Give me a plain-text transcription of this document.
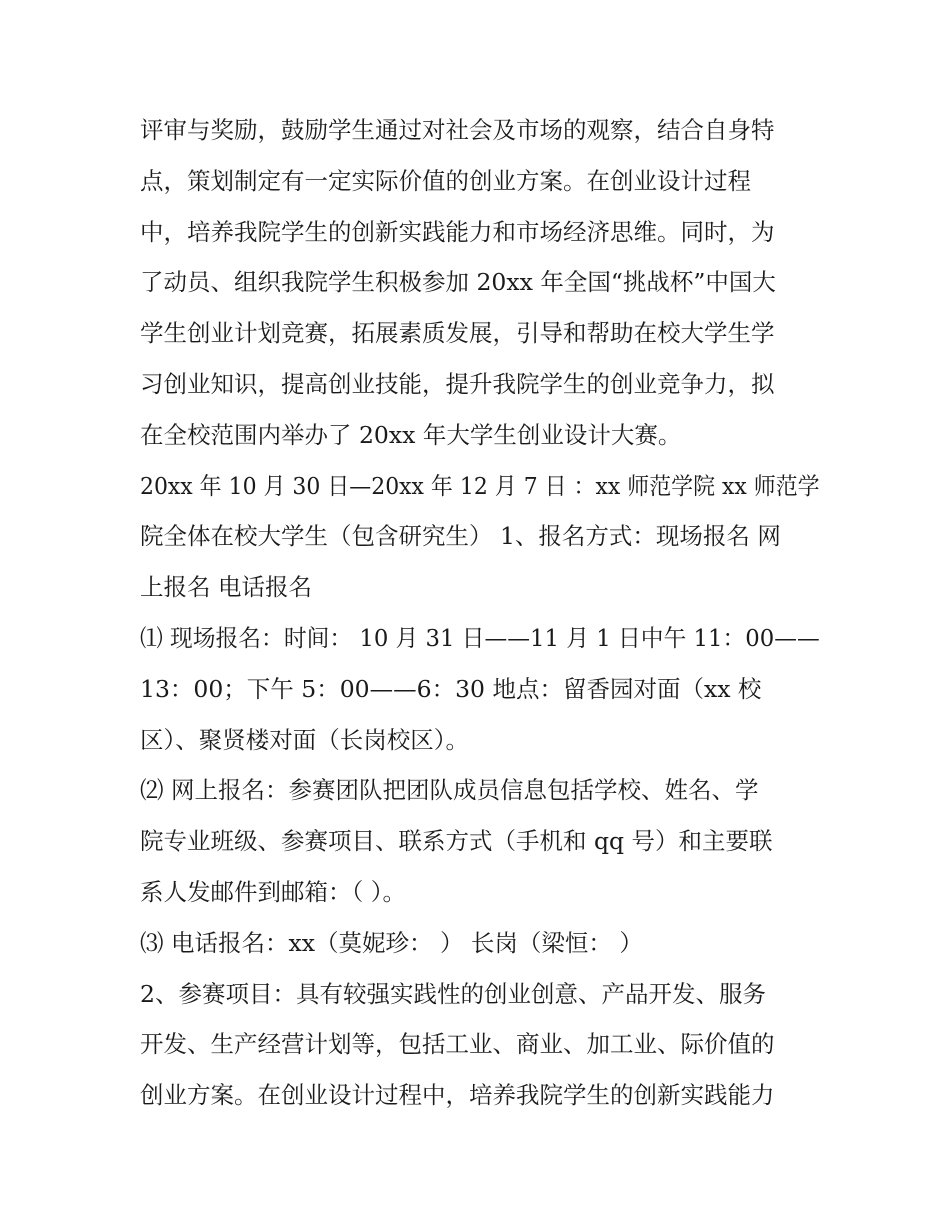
评审与奖励，鼓励学生通过对社会及市场的观察，结合自身特
点，策划制定有一定实际价值的创业方案。在创业设计过程
中，培养我院学生的创新实践能力和市场经济思维。同时，为
了动员、组织我院学生积极参加 20xx 年全国“挑战杯”中国大
学生创业计划竞赛，拓展素质发展，引导和帮助在校大学生学
习创业知识，提高创业技能，提升我院学生的创业竞争力，拟
在全校范围内举办了 20xx 年大学生创业设计大赛。
20xx 年 10 月 30 日—20xx 年 12 月 7 日 ：xx 师范学院 xx 师范学
院全体在校大学生（包含研究生） 1、报名方式：现场报名 网
上报名 电话报名
⑴ 现场报名：时间： 10 月 31 日——11 月 1 日中午 11：00——
13：00；下午 5：00——6：30 地点：留香园对面（xx 校
区）、聚贤楼对面（长岗校区）。
⑵ 网上报名：参赛团队把团队成员信息包括学校、姓名、学
院专业班级、参赛项目、联系方式（手机和 qq 号）和主要联
系人发邮件到邮箱：（ ）。
⑶ 电话报名：xx（莫妮珍： ） 长岗（梁恒： ）
2、参赛项目：具有较强实践性的创业创意、产品开发、服务
开发、生产经营计划等，包括工业、商业、加工业、际价值的
创业方案。在创业设计过程中，培养我院学生的创新实践能力
